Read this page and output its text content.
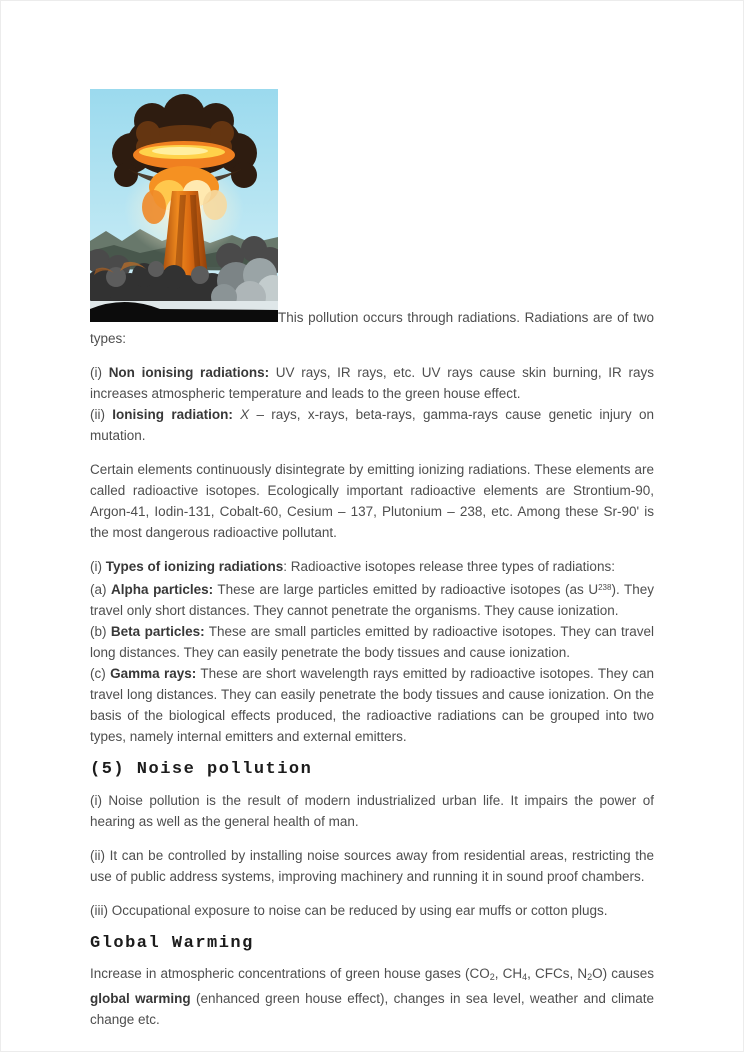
This pollution occurs through radiations. Radiations are of two types:

(i) Non ionising radiations: UV rays, IR rays, etc. UV rays cause skin burning, IR rays increases atmospheric temperature and leads to the green house effect.
(ii) Ionising radiation: X – rays, x-rays, beta-rays, gamma-rays cause genetic injury on mutation.

Certain elements continuously disintegrate by emitting ionizing radiations. These elements are called radioactive isotopes. Ecologically important radioactive elements are Strontium-90, Argon-41, Iodin-131, Cobalt-60, Cesium – 137, Plutonium – 238, etc. Among these Sr-90' is the most dangerous radioactive pollutant.

(i) Types of ionizing radiations: Radioactive isotopes release three types of radiations:
(a) Alpha particles: These are large particles emitted by radioactive isotopes (as $U^{238}$). They travel only short distances. They cannot penetrate the organisms. They cause ionization.
(b) Beta particles: These are small particles emitted by radioactive isotopes. They can travel long distances. They can easily penetrate the body tissues and cause ionization.
(c) Gamma rays: These are short wavelength rays emitted by radioactive isotopes. They can travel long distances. They can easily penetrate the body tissues and cause ionization. On the basis of the biological effects produced, the radioactive radiations can be grouped into two types, namely internal emitters and external emitters.

(5) Noise pollution

(i) Noise pollution is the result of modern industrialized urban life. It impairs the power of hearing as well as the general health of man.

(ii) It can be controlled by installing noise sources away from residential areas, restricting the use of public address systems, improving machinery and running it in sound proof chambers.

(iii) Occupational exposure to noise can be reduced by using ear muffs or cotton plugs.

Global Warming

Increase in atmospheric concentrations of green house gases ($CO_2$, $CH_4$, CFCs, $N_2O$) causes global warming (enhanced green house effect), changes in sea level, weather and climate change etc.
